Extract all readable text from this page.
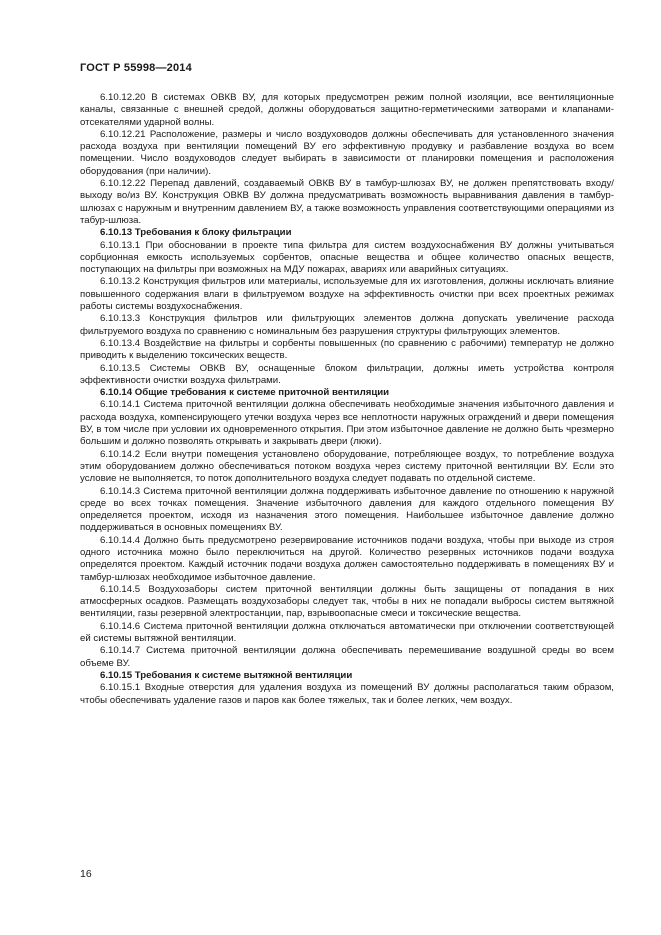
ГОСТ Р 55998—2014

6.10.12.20 В системах ОВКВ ВУ, для которых предусмотрен режим полной изоляции, все вентиляционные каналы, связанные с внешней средой, должны оборудоваться защитно-герметическими затворами и клапанами-отсекателями ударной волны.

6.10.12.21 Расположение, размеры и число воздуховодов должны обеспечивать для установленного значения расхода воздуха при вентиляции помещений ВУ его эффективную продувку и разбавление воздуха во всем помещении. Число воздуховодов следует выбирать в зависимости от планировки помещения и расположения оборудования (при наличии).

6.10.12.22 Перепад давлений, создаваемый ОВКВ ВУ в тамбур-шлюзах ВУ, не должен препятствовать входу/выходу во/из ВУ. Конструкция ОВКВ ВУ должна предусматривать возможность выравнивания давления в тамбур-шлюзах с наружным и внутренним давлением ВУ, а также возможность управления соответствующими операциями из табур-шлюза.

6.10.13 Требования к блоку фильтрации

6.10.13.1 При обосновании в проекте типа фильтра для систем воздухоснабжения ВУ должны учитываться сорбционная емкость используемых сорбентов, опасные вещества и общее количество опасных веществ, поступающих на фильтры при возможных на МДУ пожарах, авариях или аварийных ситуациях.

6.10.13.2 Конструкция фильтров или материалы, используемые для их изготовления, должны исключать влияние повышенного содержания влаги в фильтруемом воздухе на эффективность очистки при всех проектных режимах работы системы воздухоснабжения.

6.10.13.3 Конструкция фильтров или фильтрующих элементов должна допускать увеличение расхода фильтруемого воздуха по сравнению с номинальным без разрушения структуры фильтрующих элементов.

6.10.13.4 Воздействие на фильтры и сорбенты повышенных (по сравнению с рабочими) температур не должно приводить к выделению токсических веществ.

6.10.13.5 Системы ОВКВ ВУ, оснащенные блоком фильтрации, должны иметь устройства контроля эффективности очистки воздуха фильтрами.

6.10.14 Общие требования к системе приточной вентиляции

6.10.14.1 Система приточной вентиляции должна обеспечивать необходимые значения избыточного давления и расхода воздуха, компенсирующего утечки воздуха через все неплотности наружных ограждений и двери помещения ВУ, в том числе при условии их одновременного открытия. При этом избыточное давление не должно быть чрезмерно большим и должно позволять открывать и закрывать двери (люки).

6.10.14.2 Если внутри помещения установлено оборудование, потребляющее воздух, то потребление воздуха этим оборудованием должно обеспечиваться потоком воздуха через систему приточной вентиляции ВУ. Если это условие не выполняется, то поток дополнительного воздуха следует подавать по отдельной системе.

6.10.14.3 Система приточной вентиляции должна поддерживать избыточное давление по отношению к наружной среде во всех точках помещения. Значение избыточного давления для каждого отдельного помещения ВУ определяется проектом, исходя из назначения этого помещения. Наибольшее избыточное давление должно поддерживаться в основных помещениях ВУ.

6.10.14.4 Должно быть предусмотрено резервирование источников подачи воздуха, чтобы при выходе из строя одного источника можно было переключиться на другой. Количество резервных источников подачи воздуха определятся проектом. Каждый источник подачи воздуха должен самостоятельно поддерживать в помещениях ВУ и тамбур-шлюзах необходимое избыточное давление.

6.10.14.5 Воздухозаборы систем приточной вентиляции должны быть защищены от попадания в них атмосферных осадков. Размещать воздухозаборы следует так, чтобы в них не попадали выбросы систем вытяжной вентиляции, газы резервной электростанции, пар, взрывоопасные смеси и токсические вещества.

6.10.14.6 Система приточной вентиляции должна отключаться автоматически при отключении соответствующей ей системы вытяжной вентиляции.

6.10.14.7 Система приточной вентиляции должна обеспечивать перемешивание воздушной среды во всем объеме ВУ.

6.10.15 Требования к системе вытяжной вентиляции

6.10.15.1 Входные отверстия для удаления воздуха из помещений ВУ должны располагаться таким образом, чтобы обеспечивать удаление газов и паров как более тяжелых, так и более легких, чем воздух.

16
